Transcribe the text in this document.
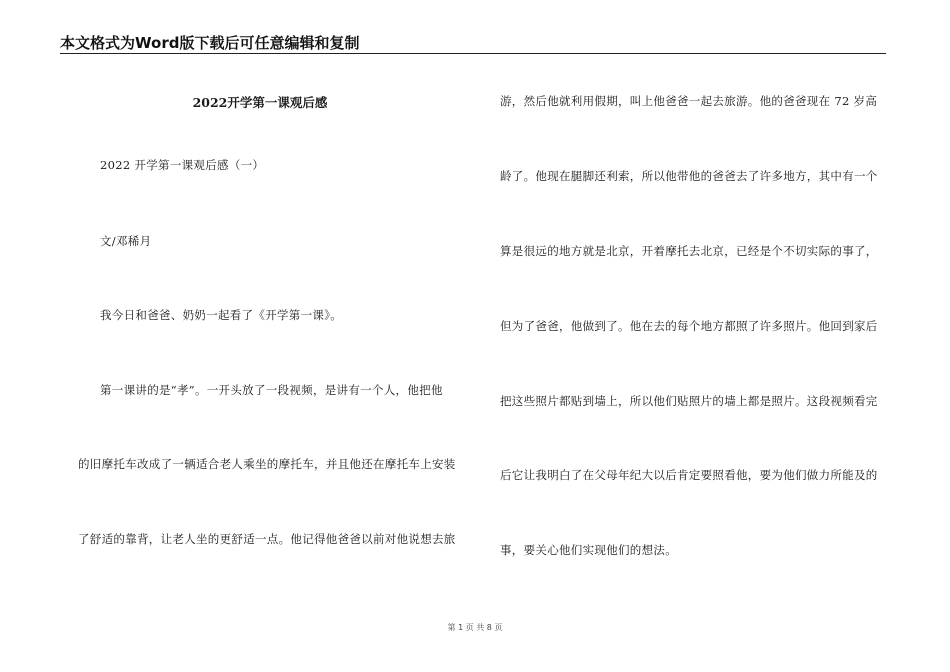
本文格式为Word版下载后可任意编辑和复制
2022开学第一课观后感

2022 开学第一课观后感（一）

文/邓稀月

我今日和爸爸、奶奶一起看了《开学第一课》。

第一课讲的是“孝”。一开头放了一段视频，是讲有一个人，他把他

的旧摩托车改成了一辆适合老人乘坐的摩托车，并且他还在摩托车上安装

了舒适的靠背，让老人坐的更舒适一点。他记得他爸爸以前对他说想去旅

游，然后他就利用假期，叫上他爸爸一起去旅游。他的爸爸现在 72 岁高

龄了。他现在腿脚还利索，所以他带他的爸爸去了许多地方，其中有一个

算是很远的地方就是北京，开着摩托去北京，已经是个不切实际的事了，

但为了爸爸，他做到了。他在去的每个地方都照了许多照片。他回到家后

把这些照片都贴到墙上，所以他们贴照片的墙上都是照片。这段视频看完

后它让我明白了在父母年纪大以后肯定要照看他，要为他们做力所能及的

事，要关心他们实现他们的想法。

第 1 页 共 8 页
